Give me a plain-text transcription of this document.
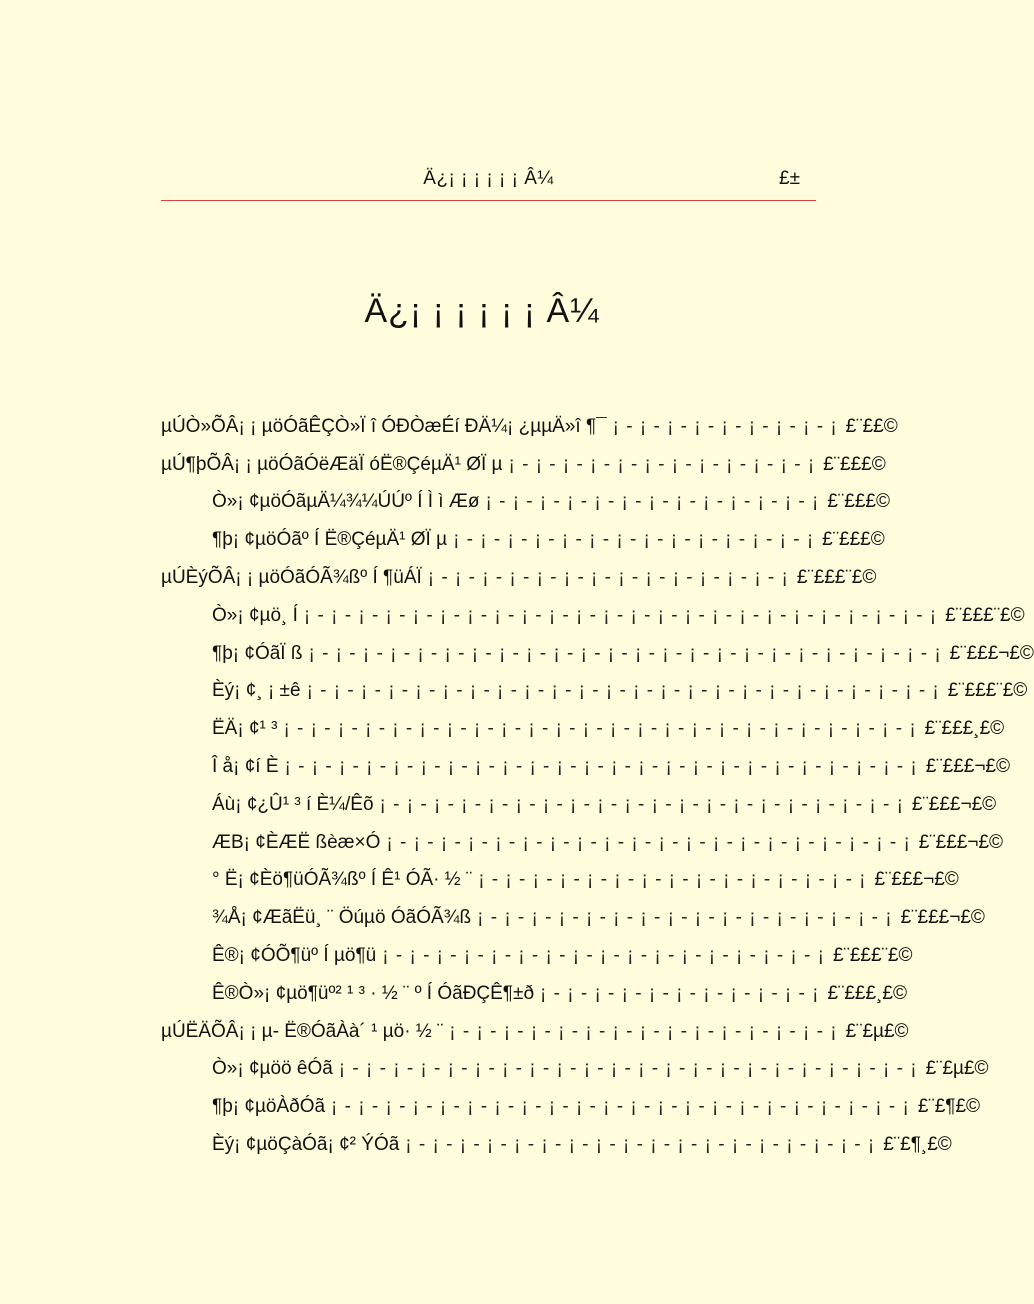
Ä¿¡ ¡ ¡ ¡ ¡ ¡ Â¼	£±
Ä¿¡ ¡ ¡ ¡ ¡ ¡ Â¼
µÚÒ»ÕÂ¡ ¡ µöÓãÊÇÒ»Ï î ÓÐÒæÉí ÐÄ¼¡ ¿µµÄ»î ¶¯ ¡ - ¡ - ¡ - ¡ - ¡ - ¡ - ¡ - ¡ - ¡ £¨££©
µÚ¶þÕÂ¡ ¡ µöÓãÓëÆäÏ óË®ÇéµÄ¹ ØÏ µ ¡ - ¡ - ¡ - ¡ - ¡ - ¡ - ¡ - ¡ - ¡ - ¡ - ¡ - ¡ £¨£££©
Ò»¡ ¢µöÓãµÄ¼¾¼ÚÚº Í Ì ì Æø ¡ - ¡ - ¡ - ¡ - ¡ - ¡ - ¡ - ¡ - ¡ - ¡ - ¡ - ¡ - ¡ £¨£££©
¶þ¡ ¢µöÓãº Í Ë®ÇéµÄ¹ ØÏ µ ¡ - ¡ - ¡ - ¡ - ¡ - ¡ - ¡ - ¡ - ¡ - ¡ - ¡ - ¡ - ¡ - ¡ £¨£££©
µÚÈýÕÂ¡ ¡ µöÓãÓÃ¾ßº Í ¶üÁÏ ¡ - ¡ - ¡ - ¡ - ¡ - ¡ - ¡ - ¡ - ¡ - ¡ - ¡ - ¡ - ¡ - ¡ £¨£££¨£©
Ò»¡ ¢µö¸ Í ¡ - ¡ - ¡ - ¡ - ¡ - ¡ - ¡ - ¡ - ¡ - ¡ - ¡ - ¡ - ¡ - ¡ - ¡ - ¡ - ¡ - ¡ - ¡ - ¡ - ¡ - ¡ - ¡ - ¡ £¨£££¨£©
¶þ¡ ¢ÓãÏ ß ¡ - ¡ - ¡ - ¡ - ¡ - ¡ - ¡ - ¡ - ¡ - ¡ - ¡ - ¡ - ¡ - ¡ - ¡ - ¡ - ¡ - ¡ - ¡ - ¡ - ¡ - ¡ - ¡ - ¡ £¨£££¬£©
Èý¡ ¢¸ ¡ ±ê ¡ - ¡ - ¡ - ¡ - ¡ - ¡ - ¡ - ¡ - ¡ - ¡ - ¡ - ¡ - ¡ - ¡ - ¡ - ¡ - ¡ - ¡ - ¡ - ¡ - ¡ - ¡ - ¡ - ¡ £¨£££¨£©
ËÄ¡ ¢¹ ³ ¡ - ¡ - ¡ - ¡ - ¡ - ¡ - ¡ - ¡ - ¡ - ¡ - ¡ - ¡ - ¡ - ¡ - ¡ - ¡ - ¡ - ¡ - ¡ - ¡ - ¡ - ¡ - ¡ - ¡ £¨£££¸£©
Î å¡ ¢í È ¡ - ¡ - ¡ - ¡ - ¡ - ¡ - ¡ - ¡ - ¡ - ¡ - ¡ - ¡ - ¡ - ¡ - ¡ - ¡ - ¡ - ¡ - ¡ - ¡ - ¡ - ¡ - ¡ - ¡ £¨£££¬£©
Áù¡ ¢¿Û¹ ³ í È¼/Êõ ¡ - ¡ - ¡ - ¡ - ¡ - ¡ - ¡ - ¡ - ¡ - ¡ - ¡ - ¡ - ¡ - ¡ - ¡ - ¡ - ¡ - ¡ - ¡ - ¡ £¨£££¬£©
ÆB¡ ¢ÈÆË ßèæ×Ó ¡ - ¡ - ¡ - ¡ - ¡ - ¡ - ¡ - ¡ - ¡ - ¡ - ¡ - ¡ - ¡ - ¡ - ¡ - ¡ - ¡ - ¡ - ¡ - ¡ £¨£££¬£©
° Ë¡ ¢Èö¶üÓÃ¾ßº Í Ê¹ ÓÃ· ½ ¨ ¡ - ¡ - ¡ - ¡ - ¡ - ¡ - ¡ - ¡ - ¡ - ¡ - ¡ - ¡ - ¡ - ¡ - ¡ £¨£££¬£©
¾Å¡ ¢ÆãËü¸ ¨ Öúµö ÓãÓÃ¾ß ¡ - ¡ - ¡ - ¡ - ¡ - ¡ - ¡ - ¡ - ¡ - ¡ - ¡ - ¡ - ¡ - ¡ - ¡ - ¡ £¨£££¬£©
Ê®¡ ¢ÓÕ¶üº Í µö¶ü ¡ - ¡ - ¡ - ¡ - ¡ - ¡ - ¡ - ¡ - ¡ - ¡ - ¡ - ¡ - ¡ - ¡ - ¡ - ¡ - ¡ £¨£££¨£©
Ê®Ò»¡ ¢µö¶üº² ¹ ³ · ½ ¨ º Í ÓãÐÇÊ¶±ð ¡ - ¡ - ¡ - ¡ - ¡ - ¡ - ¡ - ¡ - ¡ - ¡ - ¡ £¨£££¸£©
µÚËÄÕÂ¡ ¡ µ- Ë®ÓãÀà´ ¹ µö· ½ ¨ ¡ - ¡ - ¡ - ¡ - ¡ - ¡ - ¡ - ¡ - ¡ - ¡ - ¡ - ¡ - ¡ - ¡ - ¡ £¨£µ£©
Ò»¡ ¢µöö êÓã ¡ - ¡ - ¡ - ¡ - ¡ - ¡ - ¡ - ¡ - ¡ - ¡ - ¡ - ¡ - ¡ - ¡ - ¡ - ¡ - ¡ - ¡ - ¡ - ¡ - ¡ - ¡ £¨£µ£©
¶þ¡ ¢µöÀðÓã ¡ - ¡ - ¡ - ¡ - ¡ - ¡ - ¡ - ¡ - ¡ - ¡ - ¡ - ¡ - ¡ - ¡ - ¡ - ¡ - ¡ - ¡ - ¡ - ¡ - ¡ - ¡ £¨£¶£©
Èý¡ ¢µöÇàÓã¡ ¢² ÝÓã ¡ - ¡ - ¡ - ¡ - ¡ - ¡ - ¡ - ¡ - ¡ - ¡ - ¡ - ¡ - ¡ - ¡ - ¡ - ¡ - ¡ - ¡ £¨£¶¸£©
